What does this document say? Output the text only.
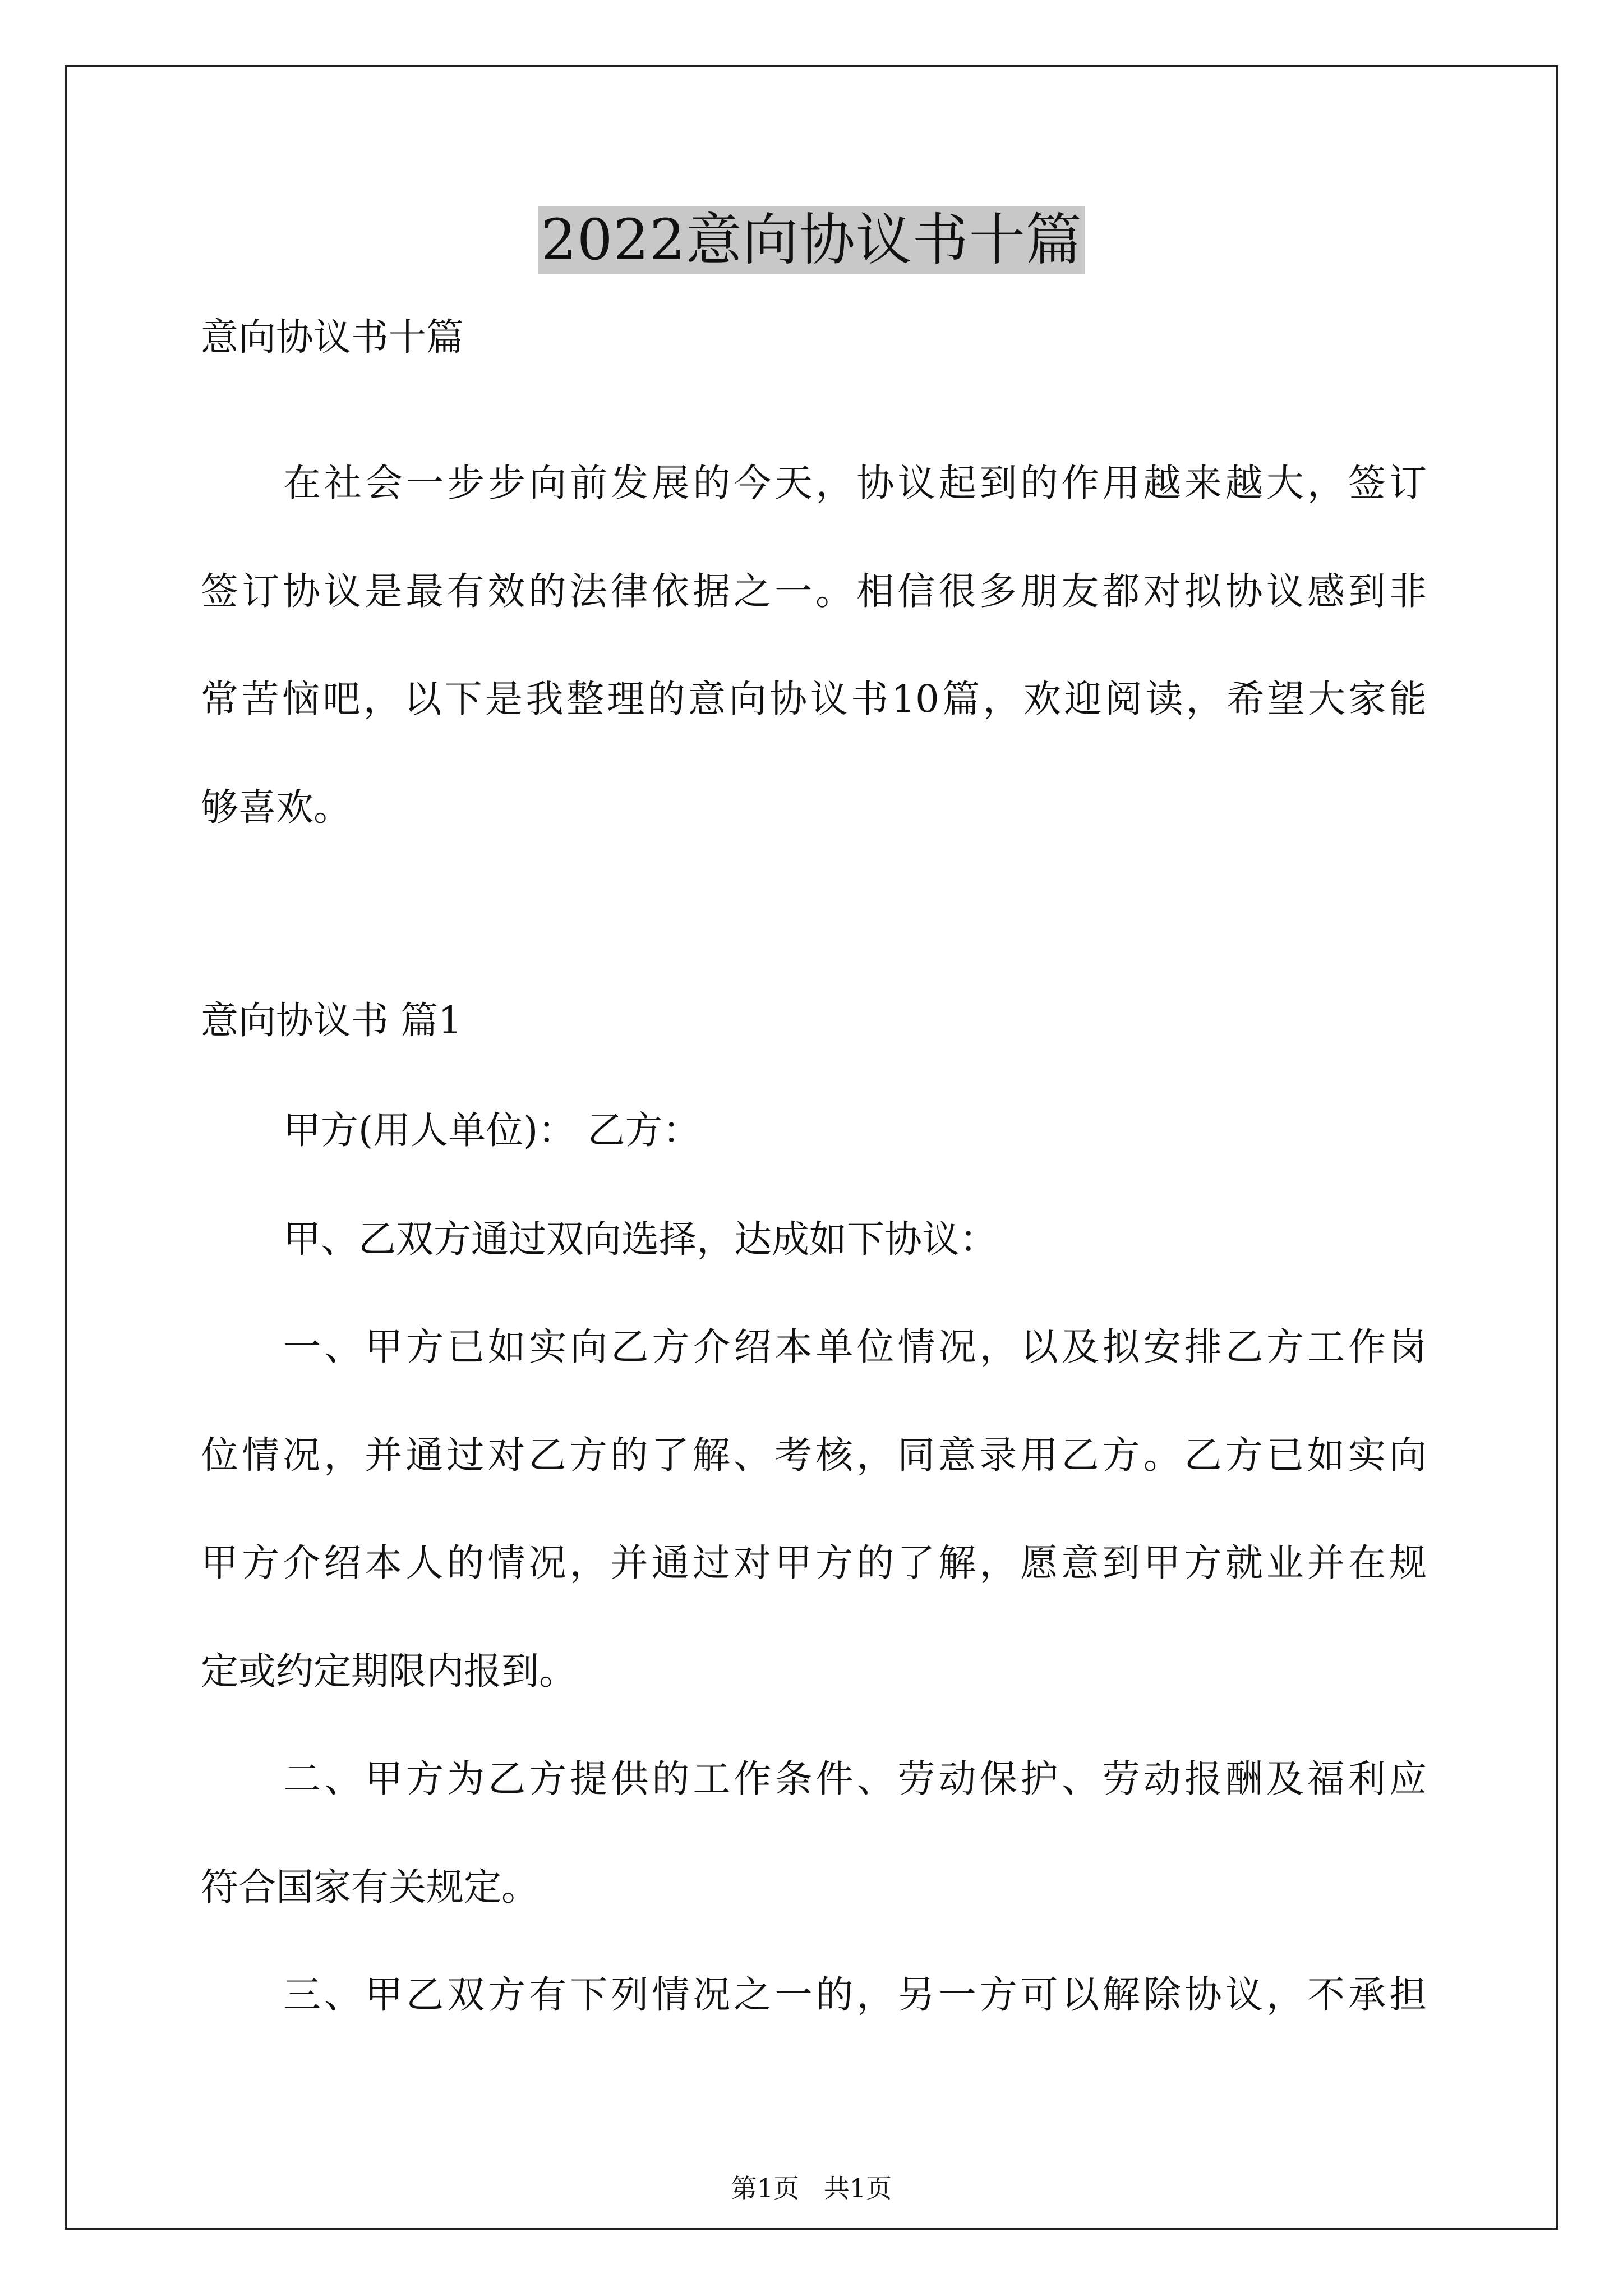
2022意向协议书十篇

意向协议书十篇

在社会一步步向前发展的今天，协议起到的作用越来越大，签订

签订协议是最有效的法律依据之一。相信很多朋友都对拟协议感到非

常苦恼吧，以下是我整理的意向协议书10篇，欢迎阅读，希望大家能

够喜欢。

意向协议书 篇1

甲方(用人单位)： 乙方：

甲、乙双方通过双向选择，达成如下协议：

一、甲方已如实向乙方介绍本单位情况，以及拟安排乙方工作岗

位情况，并通过对乙方的了解、考核，同意录用乙方。乙方已如实向

甲方介绍本人的情况，并通过对甲方的了解，愿意到甲方就业并在规

定或约定期限内报到。

二、甲方为乙方提供的工作条件、劳动保护、劳动报酬及福利应

符合国家有关规定。

三、甲乙双方有下列情况之一的，另一方可以解除协议，不承担

第1页   共1页
